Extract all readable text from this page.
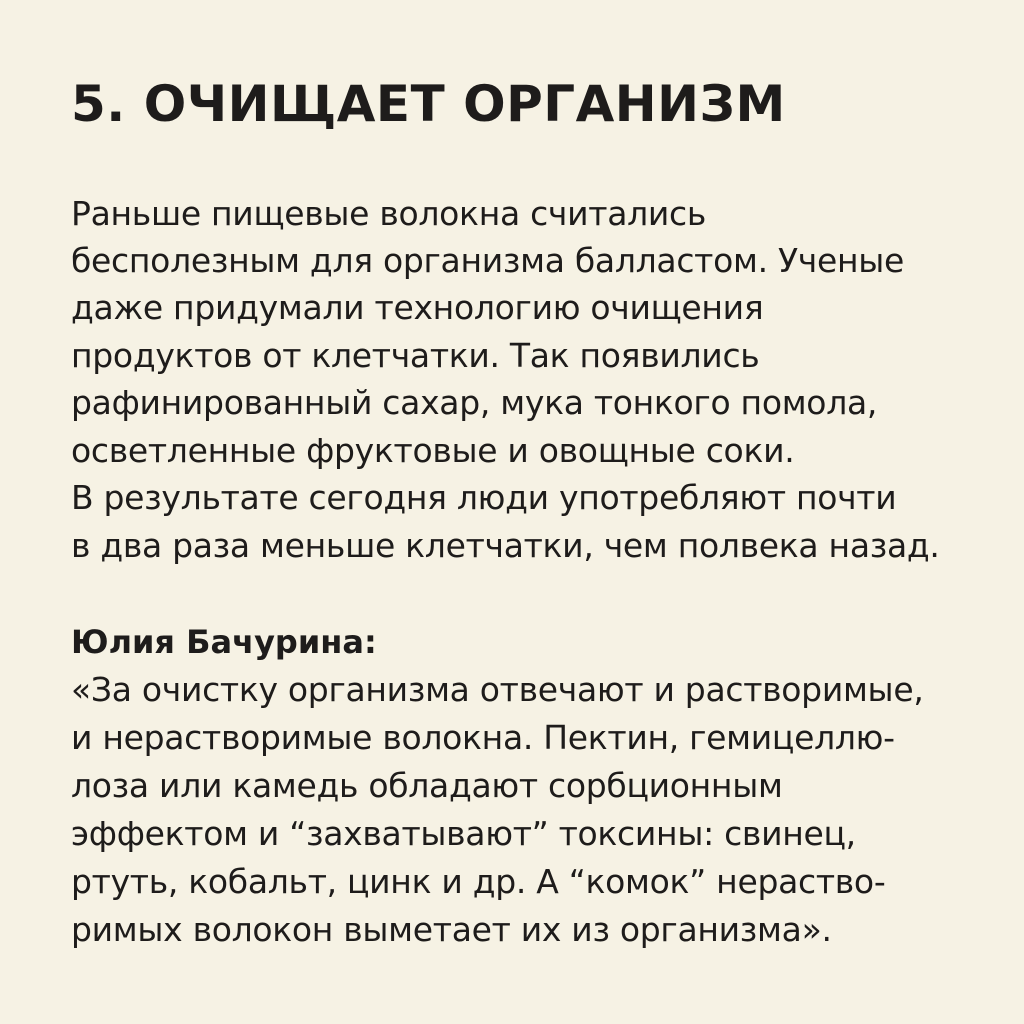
5. ОЧИЩАЕТ ОРГАНИЗМ

Раньше пищевые волокна считались

бесполезным для организма балластом. Ученые

даже придумали технологию очищения

продуктов от клетчатки. Так появились

рафинированный сахар, мука тонкого помола,

осветленные фруктовые и овощные соки.

В результате сегодня люди употребляют почти

в два раза меньше клетчатки, чем полвека назад.

Юлия Бачурина:

«За очистку организма отвечают и растворимые,

и нерастворимые волокна. Пектин, гемицеллю-

лоза или камедь обладают сорбционным

эффектом и “захватывают” токсины: свинец,

ртуть, кобальт, цинк и др. А “комок” нераство-

римых волокон выметает их из организма».
